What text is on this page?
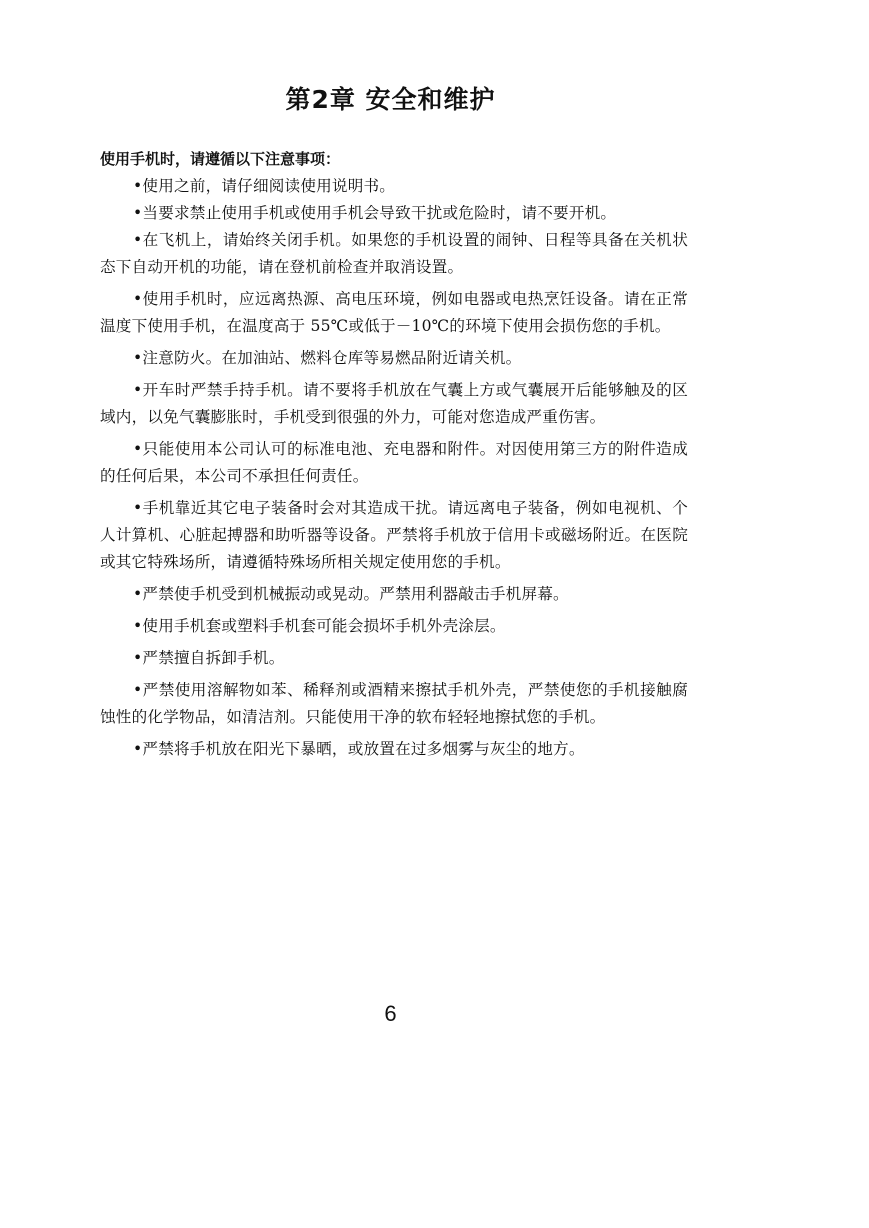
第2章 安全和维护
使用手机时，请遵循以下注意事项：

•使用之前，请仔细阅读使用说明书。

•当要求禁止使用手机或使用手机会导致干扰或危险时，请不要开机。

•在飞机上，请始终关闭手机。如果您的手机设置的闹钟、日程等具备在关机状态下自动开机的功能，请在登机前检查并取消设置。

•使用手机时，应远离热源、高电压环境，例如电器或电热烹饪设备。请在正常温度下使用手机，在温度高于 55℃或低于－10℃的环境下使用会损伤您的手机。

•注意防火。在加油站、燃料仓库等易燃品附近请关机。

•开车时严禁手持手机。请不要将手机放在气囊上方或气囊展开后能够触及的区域内，以免气囊膨胀时，手机受到很强的外力，可能对您造成严重伤害。

•只能使用本公司认可的标准电池、充电器和附件。对因使用第三方的附件造成的任何后果，本公司不承担任何责任。

•手机靠近其它电子装备时会对其造成干扰。请远离电子装备，例如电视机、个人计算机、心脏起搏器和助听器等设备。严禁将手机放于信用卡或磁场附近。在医院或其它特殊场所，请遵循特殊场所相关规定使用您的手机。

•严禁使手机受到机械振动或晃动。严禁用利器敲击手机屏幕。

•使用手机套或塑料手机套可能会损坏手机外壳涂层。

•严禁擅自拆卸手机。

•严禁使用溶解物如苯、稀释剂或酒精来擦拭手机外壳，严禁使您的手机接触腐蚀性的化学物品，如清洁剂。只能使用干净的软布轻轻地擦拭您的手机。

•严禁将手机放在阳光下暴晒，或放置在过多烟雾与灰尘的地方。

6
